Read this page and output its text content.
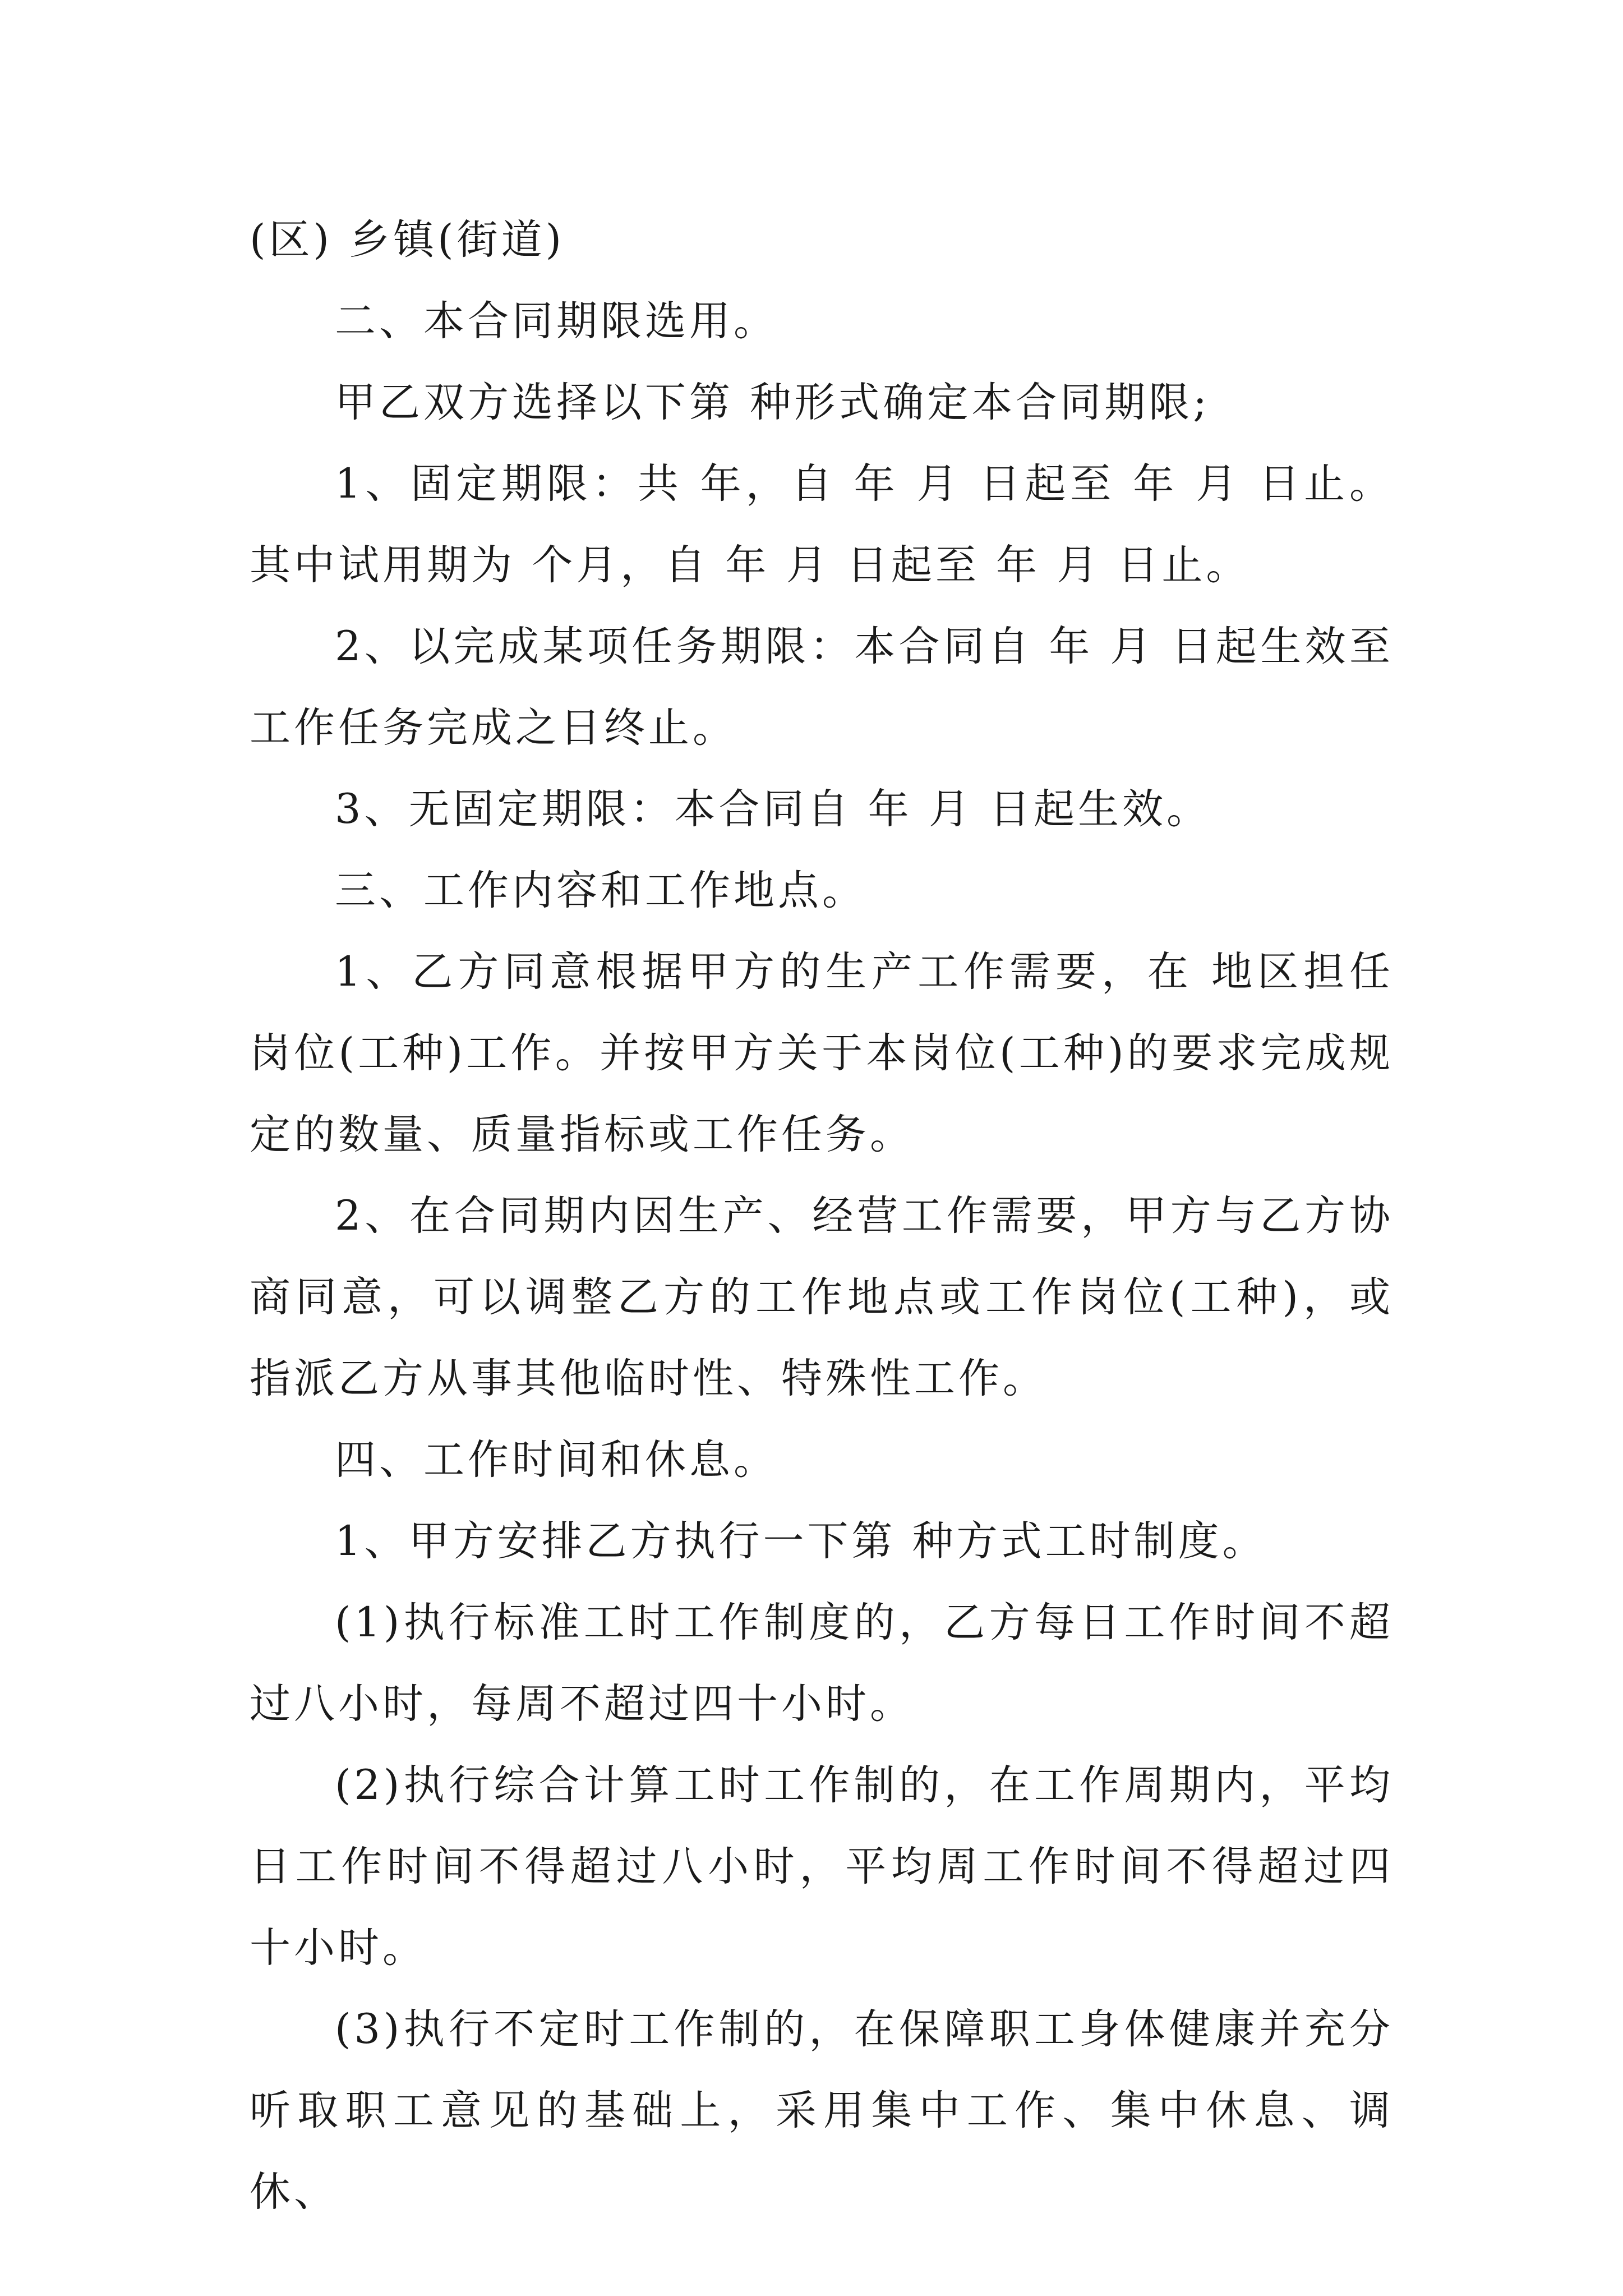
(区) 乡镇(街道)

二、本合同期限选用。

甲乙双方选择以下第 种形式确定本合同期限;

1、固定期限：共 年，自 年 月 日起至 年 月 日止。其中试用期为 个月，自 年 月 日起至 年 月 日止。

2、以完成某项任务期限：本合同自 年 月 日起生效至工作任务完成之日终止。

3、无固定期限：本合同自 年 月 日起生效。

三、工作内容和工作地点。

1、乙方同意根据甲方的生产工作需要，在 地区担任岗位(工种)工作。并按甲方关于本岗位(工种)的要求完成规定的数量、质量指标或工作任务。

2、在合同期内因生产、经营工作需要，甲方与乙方协商同意，可以调整乙方的工作地点或工作岗位(工种)，或指派乙方从事其他临时性、特殊性工作。

四、工作时间和休息。

1、甲方安排乙方执行一下第 种方式工时制度。

(1)执行标准工时工作制度的，乙方每日工作时间不超过八小时，每周不超过四十小时。

(2)执行综合计算工时工作制的，在工作周期内，平均日工作时间不得超过八小时，平均周工作时间不得超过四十小时。

(3)执行不定时工作制的，在保障职工身体健康并充分听取职工意见的基础上，采用集中工作、集中休息、调休、
